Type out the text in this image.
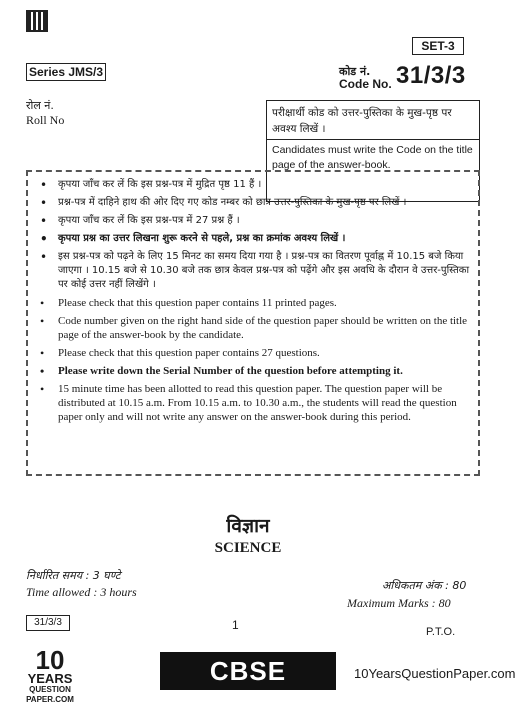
SET-3
Series JMS/3	कोड नं.
Code No. 31/3/3
रोल नं.
Roll No	परीक्षार्थी कोड को उत्तर-पुस्तिका के मुख-पृष्ठ पर अवश्य लिखें ।
Candidates must write the Code on the title page of the answer-book.
• कृपया जाँच कर लें कि इस प्रश्न-पत्र में मुद्रित पृष्ठ 11 हैं ।
• प्रश्न-पत्र में दाहिने हाथ की ओर दिए गए कोड नम्बर को छात्र उत्तर-पुस्तिका के मुख-पृष्ठ पर लिखें ।
• कृपया जाँच कर लें कि इस प्रश्न-पत्र में 27 प्रश्न हैं ।
• कृपया प्रश्न का उत्तर लिखना शुरू करने से पहले, प्रश्न का क्रमांक अवश्य लिखें ।
• इस प्रश्न-पत्र को पढ़ने के लिए 15 मिनट का समय दिया गया है । प्रश्न-पत्र का वितरण पूर्वाह्न में 10.15 बजे किया जाएगा । 10.15 बजे से 10.30 बजे तक छात्र केवल प्रश्न-पत्र को पढ़ेंगे और इस अवधि के दौरान वे उत्तर-पुस्तिका पर कोई उत्तर नहीं लिखेंगे ।
• Please check that this question paper contains 11 printed pages.
• Code number given on the right hand side of the question paper should be written on the title page of the answer-book by the candidate.
• Please check that this question paper contains 27 questions.
• Please write down the Serial Number of the question before attempting it.
• 15 minute time has been allotted to read this question paper. The question paper will be distributed at 10.15 a.m. From 10.15 a.m. to 10.30 a.m., the students will read the question paper only and will not write any answer on the answer-book during this period.
विज्ञान
SCIENCE
निर्धारित समय : 3 घण्टे
Time allowed : 3 hours	अधिकतम अंक : 80
Maximum Marks : 80
31/3/3	1	P.T.O.
10
YEARS
QUESTION PAPER.COM
CBSE BOARD X
10YearsQuestionPaper.com
